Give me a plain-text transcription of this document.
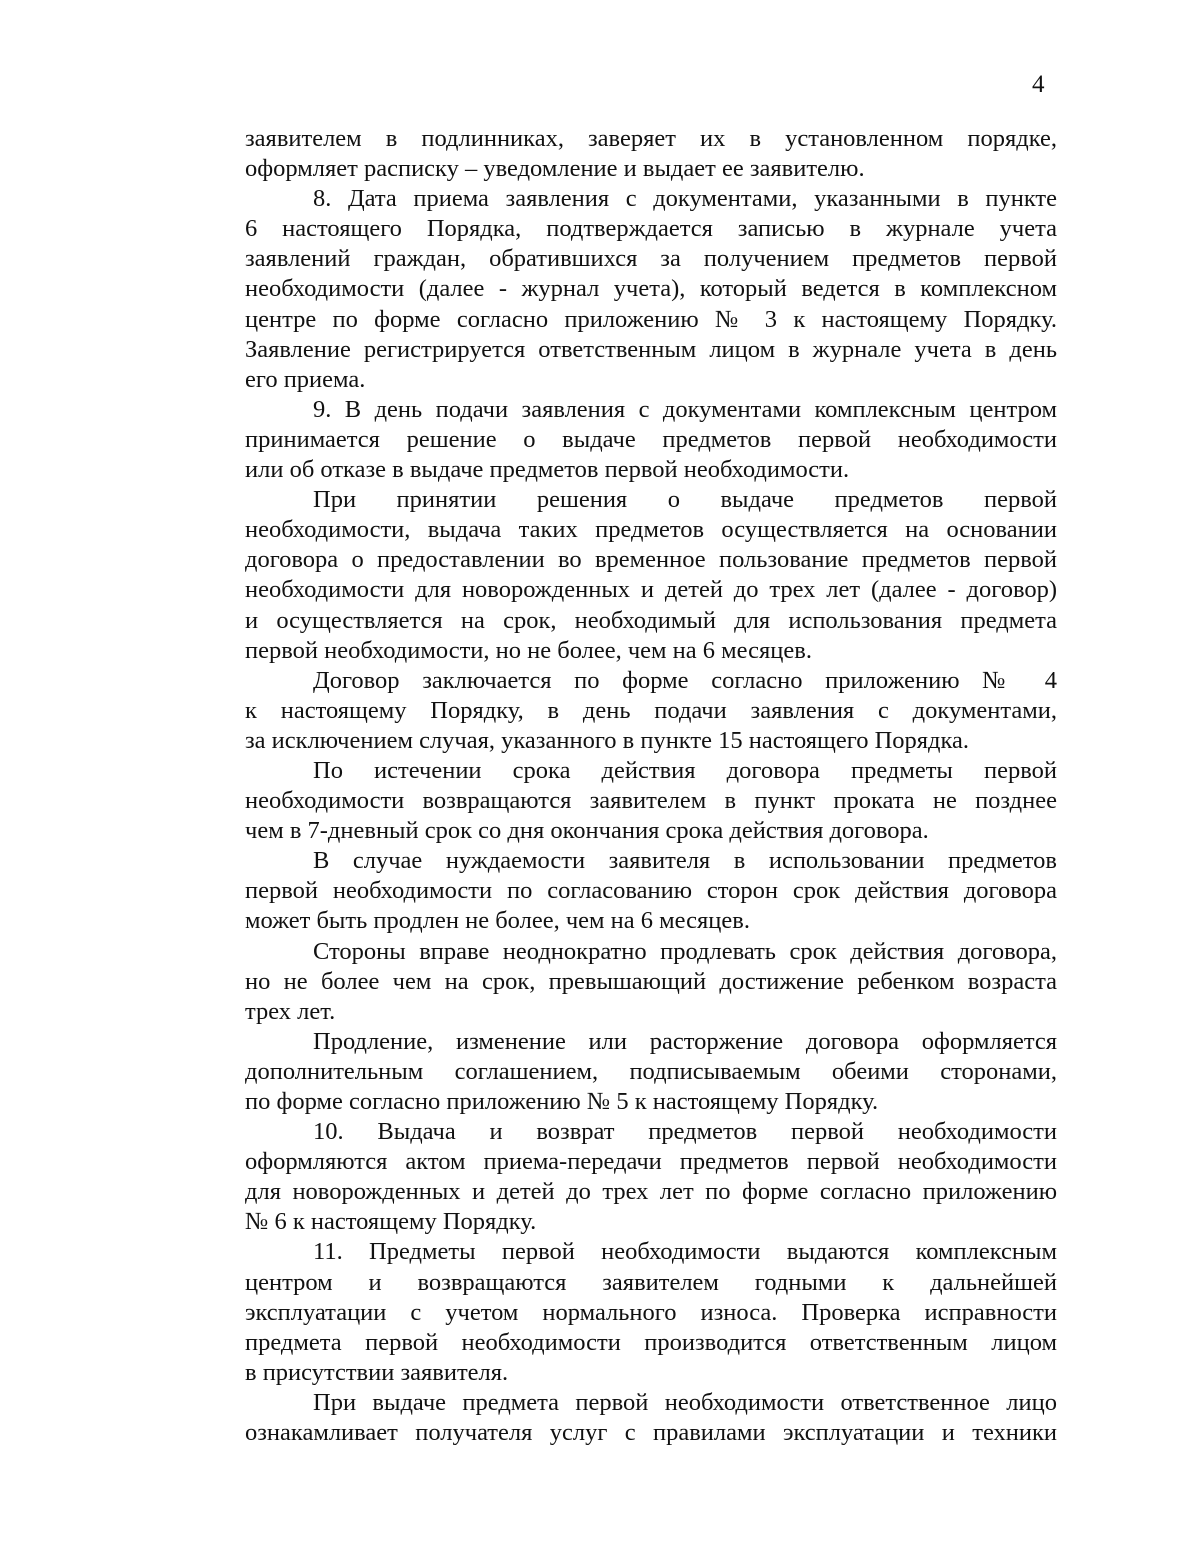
4
заявителем в подлинниках, заверяет их в установленном порядке,
оформляет расписку – уведомление и выдает ее заявителю.
8. Дата приема заявления с документами, указанными в пункте
6 настоящего Порядка, подтверждается записью в журнале учета
заявлений граждан, обратившихся за получением предметов первой
необходимости (далее - журнал учета), который ведется в комплексном
центре по форме согласно приложению № 3 к настоящему Порядку.
Заявление регистрируется ответственным лицом в журнале учета в день
его приема.
9. В день подачи заявления с документами комплексным центром
принимается решение о выдаче предметов первой необходимости
или об отказе в выдаче предметов первой необходимости.
При принятии решения о выдаче предметов первой
необходимости, выдача таких предметов осуществляется на основании
договора о предоставлении во временное пользование предметов первой
необходимости для новорожденных и детей до трех лет (далее - договор)
и осуществляется на срок, необходимый для использования предмета
первой необходимости, но не более, чем на 6 месяцев.
Договор заключается по форме согласно приложению № 4
к настоящему Порядку, в день подачи заявления с документами,
за исключением случая, указанного в пункте 15 настоящего Порядка.
По истечении срока действия договора предметы первой
необходимости возвращаются заявителем в пункт проката не позднее
чем в 7-дневный срок со дня окончания срока действия договора.
В случае нуждаемости заявителя в использовании предметов
первой необходимости по согласованию сторон срок действия договора
может быть продлен не более, чем на 6 месяцев.
Стороны вправе неоднократно продлевать срок действия договора,
но не более чем на срок, превышающий достижение ребенком возраста
трех лет.
Продление, изменение или расторжение договора оформляется
дополнительным соглашением, подписываемым обеими сторонами,
по форме согласно приложению № 5 к настоящему Порядку.
10. Выдача и возврат предметов первой необходимости
оформляются актом приема-передачи предметов первой необходимости
для новорожденных и детей до трех лет по форме согласно приложению
№ 6 к настоящему Порядку.
11. Предметы первой необходимости выдаются комплексным
центром и возвращаются заявителем годными к дальнейшей
эксплуатации с учетом нормального износа. Проверка исправности
предмета первой необходимости производится ответственным лицом
в присутствии заявителя.
При выдаче предмета первой необходимости ответственное лицо
ознакамливает получателя услуг с правилами эксплуатации и техники
